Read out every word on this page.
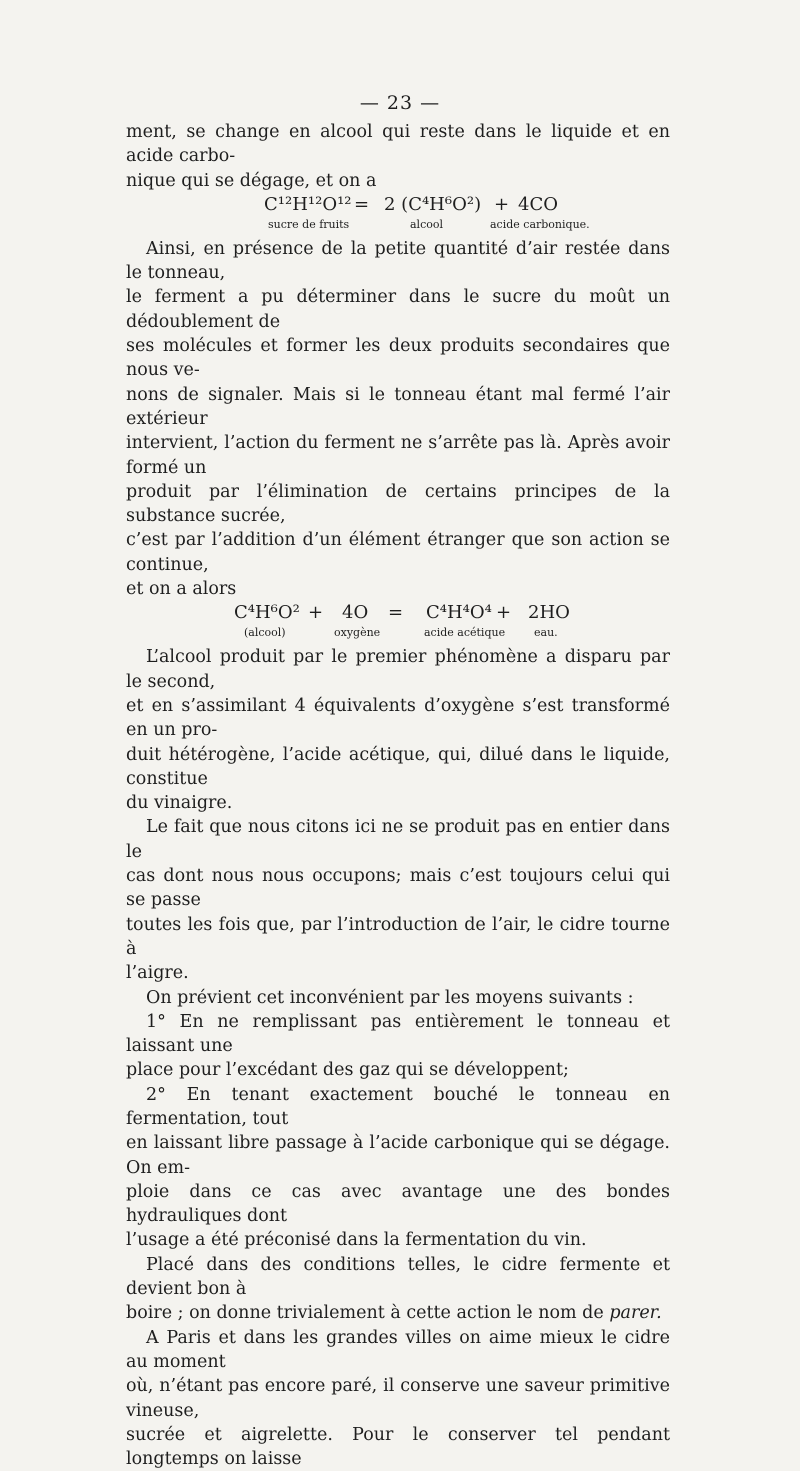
— 23 —

ment, se change en alcool qui reste dans le liquide et en acide carbo-

nique qui se dégage, et on a

C¹²H¹²O¹² = 2 (C⁴H⁶O²) + 4CO
sucre de fruits	alcool	acide carbonique.

Ainsi, en présence de la petite quantité d’air restée dans le tonneau,

le ferment a pu déterminer dans le sucre du moût un dédoublement de

ses molécules et former les deux produits secondaires que nous ve-

nons de signaler. Mais si le tonneau étant mal fermé l’air extérieur

intervient, l’action du ferment ne s’arrête pas là. Après avoir formé un

produit par l’élimination de certains principes de la substance sucrée,

c’est par l’addition d’un élément étranger que son action se continue,

et on a alors

C⁴H⁶O² + 4O = C⁴H⁴O⁴ + 2HO
(alcool)	oxygène	acide acétique	eau.

L’alcool produit par le premier phénomène a disparu par le second,

et en s’assimilant 4 équivalents d’oxygène s’est transformé en un pro-

duit hétérogène, l’acide acétique, qui, dilué dans le liquide, constitue

du vinaigre.

Le fait que nous citons ici ne se produit pas en entier dans le

cas dont nous nous occupons; mais c’est toujours celui qui se passe

toutes les fois que, par l’introduction de l’air, le cidre tourne à

l’aigre.

On prévient cet inconvénient par les moyens suivants :

1° En ne remplissant pas entièrement le tonneau et laissant une

place pour l’excédant des gaz qui se développent;

2° En tenant exactement bouché le tonneau en fermentation, tout

en laissant libre passage à l’acide carbonique qui se dégage. On em-

ploie dans ce cas avec avantage une des bondes hydrauliques dont

l’usage a été préconisé dans la fermentation du vin.

Placé dans des conditions telles, le cidre fermente et devient bon à

boire ; on donne trivialement à cette action le nom de parer.

A Paris et dans les grandes villes on aime mieux le cidre au moment

où, n’étant pas encore paré, il conserve une saveur primitive vineuse,

sucrée et aigrelette. Pour le conserver tel pendant longtemps on laisse
